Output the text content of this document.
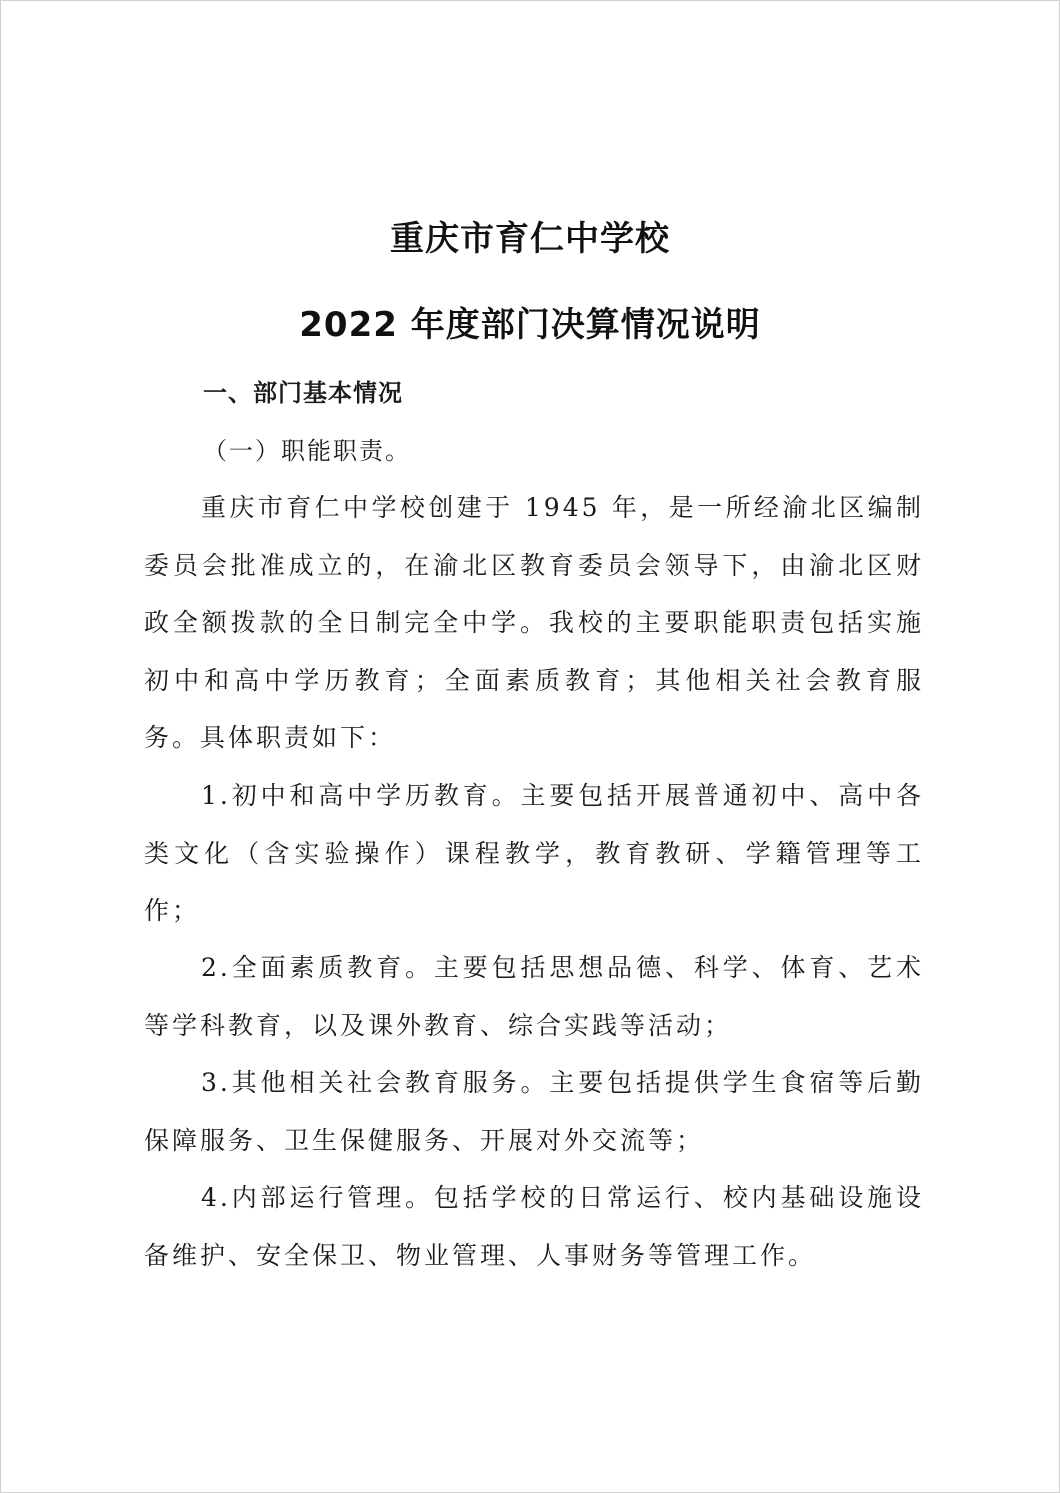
重庆市育仁中学校
2022 年度部门决算情况说明
一、部门基本情况
（一）职能职责。
重庆市育仁中学校创建于 1945 年，是一所经渝北区编制委员会批准成立的，在渝北区教育委员会领导下，由渝北区财政全额拨款的全日制完全中学。我校的主要职能职责包括实施初中和高中学历教育；全面素质教育；其他相关社会教育服务。具体职责如下：
1.初中和高中学历教育。主要包括开展普通初中、高中各类文化（含实验操作）课程教学，教育教研、学籍管理等工作；
2.全面素质教育。主要包括思想品德、科学、体育、艺术等学科教育，以及课外教育、综合实践等活动；
3.其他相关社会教育服务。主要包括提供学生食宿等后勤保障服务、卫生保健服务、开展对外交流等；
4.内部运行管理。包括学校的日常运行、校内基础设施设备维护、安全保卫、物业管理、人事财务等管理工作。
